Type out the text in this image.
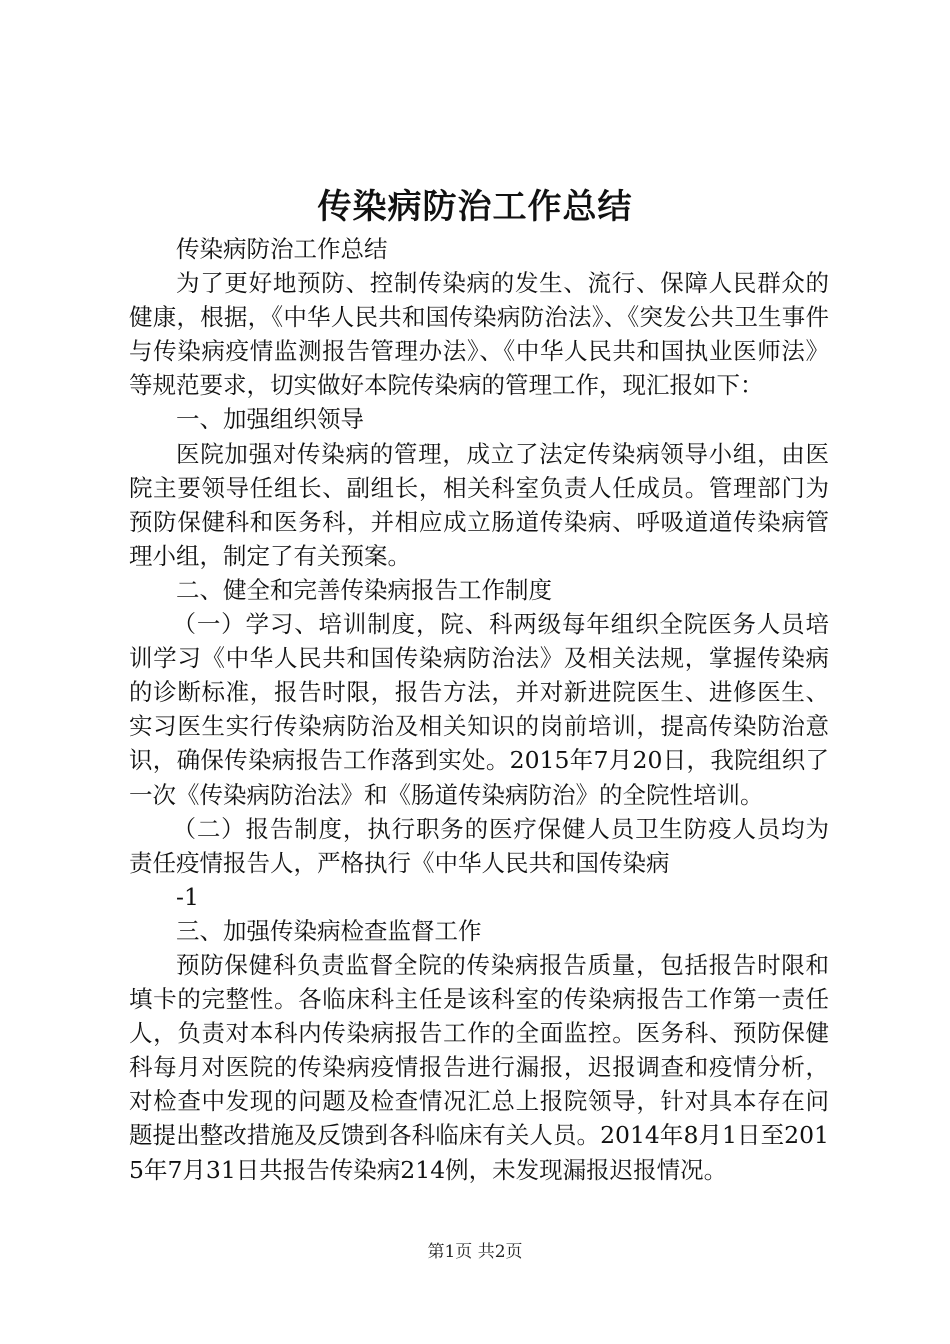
传染病防治工作总结

传染病防治工作总结

为了更好地预防、控制传染病的发生、流行、保障人民群众的健康，根据，《中华人民共和国传染病防治法》、《突发公共卫生事件与传染病疫情监测报告管理办法》、《中华人民共和国执业医师法》等规范要求，切实做好本院传染病的管理工作，现汇报如下：

一、加强组织领导

医院加强对传染病的管理，成立了法定传染病领导小组，由医院主要领导任组长、副组长，相关科室负责人任成员。管理部门为预防保健科和医务科，并相应成立肠道传染病、呼吸道道传染病管理小组，制定了有关预案。

二、健全和完善传染病报告工作制度

（一）学习、培训制度，院、科两级每年组织全院医务人员培训学习《中华人民共和国传染病防治法》及相关法规，掌握传染病的诊断标准，报告时限，报告方法，并对新进院医生、进修医生、实习医生实行传染病防治及相关知识的岗前培训，提高传染防治意识，确保传染病报告工作落到实处。2015年7月20日，我院组织了一次《传染病防治法》和《肠道传染病防治》的全院性培训。

（二）报告制度，执行职务的医疗保健人员卫生防疫人员均为责任疫情报告人，严格执行《中华人民共和国传染病

-1

三、加强传染病检查监督工作

预防保健科负责监督全院的传染病报告质量，包括报告时限和填卡的完整性。各临床科主任是该科室的传染病报告工作第一责任人，负责对本科内传染病报告工作的全面监控。医务科、预防保健科每月对医院的传染病疫情报告进行漏报，迟报调查和疫情分析，对检查中发现的问题及检查情况汇总上报院领导，针对具本存在问题提出整改措施及反馈到各科临床有关人员。2014年8月1日至2015年7月31日共报告传染病214例，未发现漏报迟报情况。

第1页 共2页
